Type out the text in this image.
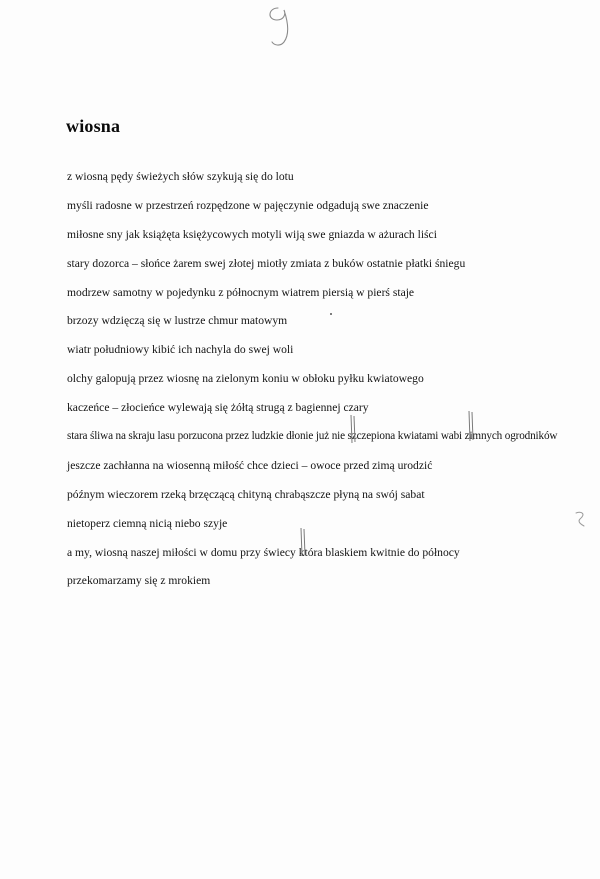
wiosna
z wiosną pędy świeżych słów szykują się do lotu
myśli radosne w przestrzeń rozpędzone w pajęczynie odgadują swe znaczenie
miłosne sny jak książęta księżycowych motyli wiją swe gniazda w ażurach liści
stary dozorca – słońce żarem swej złotej miotły zmiata z buków ostatnie płatki śniegu
modrzew samotny w pojedynku z północnym wiatrem piersią w pierś staje
brzozy wdzięczą się w lustrze chmur matowym
wiatr południowy kibić ich nachyla do swej woli
olchy galopują przez wiosnę na zielonym koniu w obłoku pyłku kwiatowego
kaczeńce – złocieńce wylewają się żółtą strugą z bagiennej czary
stara śliwa na skraju lasu porzucona przez ludzkie dłonie już nie szczepiona kwiatami wabi zimnych ogrodników
jeszcze zachłanna na wiosenną miłość chce dzieci – owoce przed zimą urodzić
późnym wieczorem rzeką brzęczącą chityną chrabąszcze płyną na swój sabat
nietoperz ciemną nicią niebo szyje
a my, wiosną naszej miłości w domu przy świecy która blaskiem kwitnie do północy
przekomarzamy się z mrokiem
